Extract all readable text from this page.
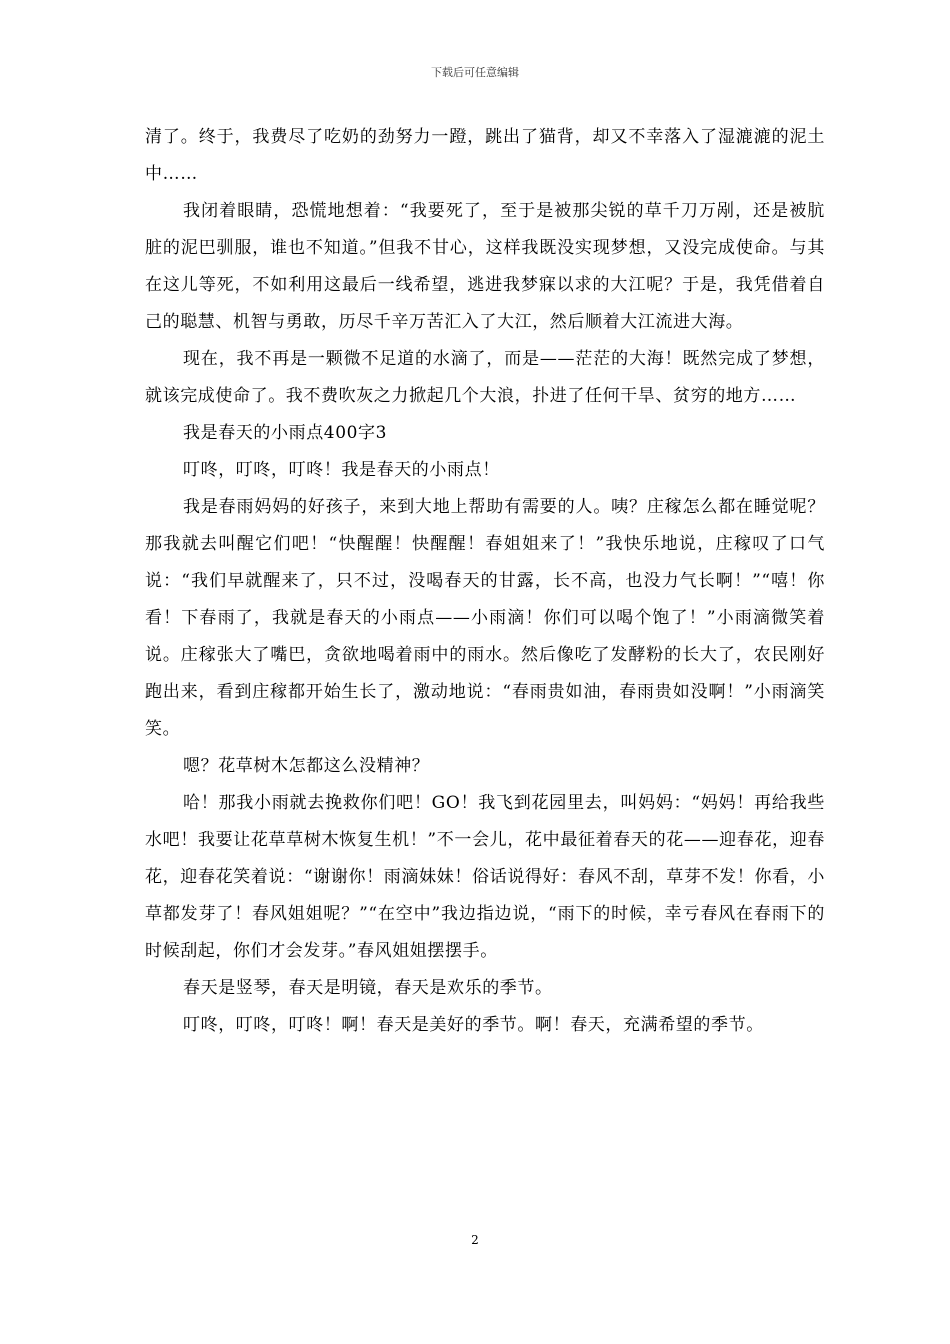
下载后可任意编辑

清了。终于，我费尽了吃奶的劲努力一蹬，跳出了猫背，却又不幸落入了湿漉漉的泥土中……

我闭着眼睛，恐慌地想着：“我要死了，至于是被那尖锐的草千刀万剐，还是被肮脏的泥巴驯服，谁也不知道。”但我不甘心，这样我既没实现梦想，又没完成使命。与其在这儿等死，不如利用这最后一线希望，逃进我梦寐以求的大江呢？于是，我凭借着自己的聪慧、机智与勇敢，历尽千辛万苦汇入了大江，然后顺着大江流进大海。

现在，我不再是一颗微不足道的水滴了，而是——茫茫的大海！既然完成了梦想，就该完成使命了。我不费吹灰之力掀起几个大浪，扑进了任何干旱、贫穷的地方……

我是春天的小雨点400字3

叮咚，叮咚，叮咚！我是春天的小雨点！

我是春雨妈妈的好孩子，来到大地上帮助有需要的人。咦？庄稼怎么都在睡觉呢？那我就去叫醒它们吧！“快醒醒！快醒醒！春姐姐来了！”我快乐地说，庄稼叹了口气说：“我们早就醒来了，只不过，没喝春天的甘露，长不高，也没力气长啊！”“嘻！你看！下春雨了，我就是春天的小雨点——小雨滴！你们可以喝个饱了！”小雨滴微笑着说。庄稼张大了嘴巴，贪欲地喝着雨中的雨水。然后像吃了发酵粉的长大了，农民刚好跑出来，看到庄稼都开始生长了，激动地说：“春雨贵如油，春雨贵如没啊！”小雨滴笑笑。

嗯？花草树木怎都这么没精神？

哈！那我小雨就去挽救你们吧！GO！我飞到花园里去，叫妈妈：“妈妈！再给我些水吧！我要让花草草树木恢复生机！”不一会儿，花中最征着春天的花——迎春花，迎春花，迎春花笑着说：“谢谢你！雨滴妹妹！俗话说得好：春风不刮，草芽不发！你看，小草都发芽了！春风姐姐呢？”“在空中”我边指边说，“雨下的时候，幸亏春风在春雨下的时候刮起，你们才会发芽。”春风姐姐摆摆手。

春天是竖琴，春天是明镜，春天是欢乐的季节。

叮咚，叮咚，叮咚！啊！春天是美好的季节。啊！春天，充满希望的季节。

2
